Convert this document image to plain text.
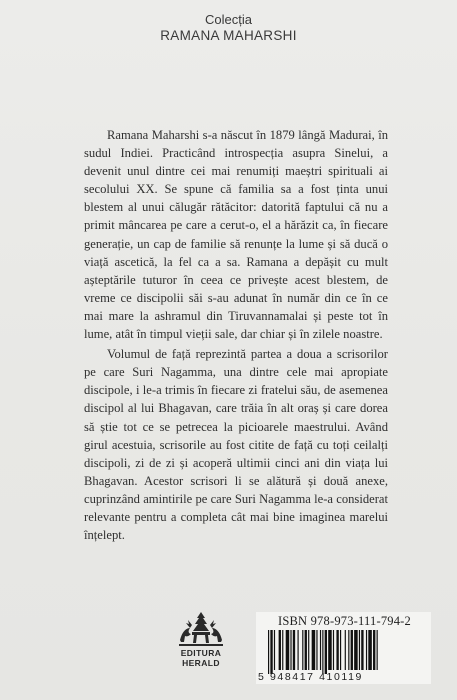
Colecția
RAMANA MAHARSHI

Ramana Maharshi s-a născut în 1879 lângă Madurai, în sudul Indiei. Practicând introspecția asupra Sinelui, a devenit unul dintre cei mai renumiți maeștri spirituali ai secolului XX. Se spune că familia sa a fost ținta unui blestem al unui călugăr rătăcitor: datorită faptului că nu a primit mâncarea pe care a cerut-o, el a hărăzit ca, în fiecare generație, un cap de familie să renunțe la lume și să ducă o viață ascetică, la fel ca a sa. Ramana a depășit cu mult așteptările tuturor în ceea ce privește acest blestem, de vreme ce discipolii săi s-au adunat în număr din ce în ce mai mare la ashramul din Tiruvannamalai și peste tot în lume, atât în timpul vieții sale, dar chiar și în zilele noastre.

Volumul de față reprezintă partea a doua a scrisorilor pe care Suri Nagamma, una dintre cele mai apropiate discipole, i le-a trimis în fiecare zi fratelui său, de asemenea discipol al lui Bhagavan, care trăia în alt oraș și care dorea să știe tot ce se petrecea la picioarele maestrului. Având girul acestuia, scrisorile au fost citite de față cu toți ceilalți discipoli, zi de zi și acoperă ultimii cinci ani din viața lui Bhagavan. Acestor scrisori li se alătură și două anexe, cuprinzând amintirile pe care Suri Nagamma le-a considerat relevante pentru a completa cât mai bine imaginea marelui înțelept.

EDITURA
HERALD
ISBN 978-973-111-794-2
5 948417 410119
